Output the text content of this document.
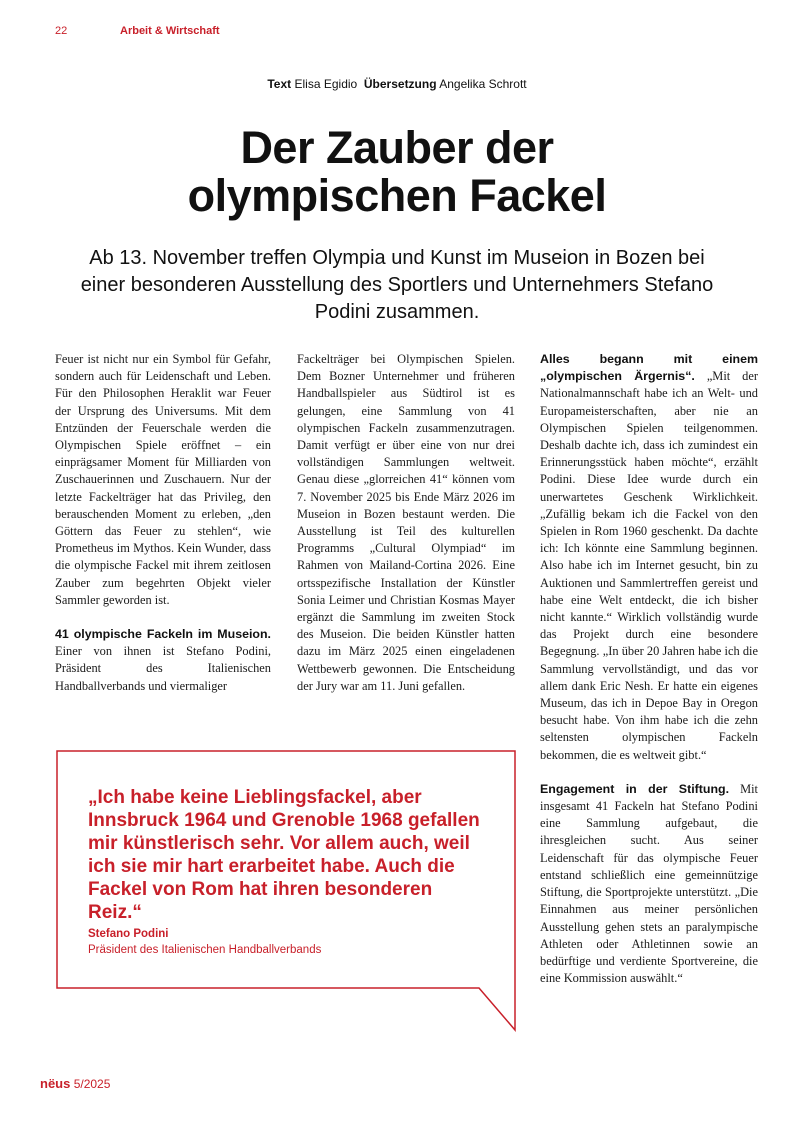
22	Arbeit & Wirtschaft
Text Elisa Egidio Übersetzung Angelika Schrott
Der Zauber der
olympischen Fackel

Ab 13. November treffen Olympia und Kunst im Museion in Bozen bei einer besonderen Ausstellung des Sportlers und Unternehmers Stefano Podini zusammen.

Feuer ist nicht nur ein Symbol für Gefahr, sondern auch für Leidenschaft und Leben. Für den Philosophen Heraklit war Feuer der Ursprung des Universums. Mit dem Entzünden der Feuerschale werden die Olympischen Spiele eröffnet – ein einprägsamer Moment für Milliarden von Zuschauerinnen und Zuschauern. Nur der letzte Fackelträger hat das Privileg, den berauschenden Moment zu erleben, „den Göttern das Feuer zu stehlen“, wie Prometheus im Mythos. Kein Wunder, dass die olympische Fackel mit ihrem zeitlosen Zauber zum begehrten Objekt vieler Sammler geworden ist.

41 olympische Fackeln im Museion. Einer von ihnen ist Stefano Podini, Präsident des Italienischen Handballverbands und viermaliger

Fackelträger bei Olympischen Spielen. Dem Bozner Unternehmer und früheren Handballspieler aus Südtirol ist es gelungen, eine Sammlung von 41 olympischen Fackeln zusammenzutragen. Damit verfügt er über eine von nur drei vollständigen Sammlungen weltweit. Genau diese „glorreichen 41“ können vom 7. November 2025 bis Ende März 2026 im Museion in Bozen bestaunt werden. Die Ausstellung ist Teil des kulturellen Programms „Cultural Olympiad“ im Rahmen von Mailand-Cortina 2026. Eine ortsspezifische Installation der Künstler Sonia Leimer und Christian Kosmas Mayer ergänzt die Sammlung im zweiten Stock des Museion. Die beiden Künstler hatten dazu im März 2025 einen eingeladenen Wettbewerb gewonnen. Die Entscheidung der Jury war am 11. Juni gefallen.

Alles begann mit einem „olympischen Ärgernis“. „Mit der Nationalmannschaft habe ich an Welt- und Europameisterschaften, aber nie an Olympischen Spielen teilgenommen. Deshalb dachte ich, dass ich zumindest ein Erinnerungsstück haben möchte“, erzählt Podini. Diese Idee wurde durch ein unerwartetes Geschenk Wirklichkeit. „Zufällig bekam ich die Fackel von den Spielen in Rom 1960 geschenkt. Da dachte ich: Ich könnte eine Sammlung beginnen. Also habe ich im Internet gesucht, bin zu Auktionen und Sammlertreffen gereist und habe eine Welt entdeckt, die ich bisher nicht kannte.“ Wirklich vollständig wurde das Projekt durch eine besondere Begegnung. „In über 20 Jahren habe ich die Sammlung vervollständigt, und das vor allem dank Eric Nesh. Er hatte ein eigenes Museum, das ich in Depoe Bay in Oregon besucht habe. Von ihm habe ich die zehn seltensten olympischen Fackeln bekommen, die es weltweit gibt.“

Engagement in der Stiftung. Mit insgesamt 41 Fackeln hat Stefano Podini eine Sammlung aufgebaut, die ihresgleichen sucht. Aus seiner Leidenschaft für das olympische Feuer entstand schließlich eine gemeinnützige Stiftung, die Sportprojekte unterstützt. „Die Einnahmen aus meiner persönlichen Ausstellung gehen stets an paralympische Athleten oder Athletinnen sowie an bedürftige und verdiente Sportvereine, die eine Kommission auswählt.“

„Ich habe keine Lieblingsfackel, aber Innsbruck 1964 und Grenoble 1968 gefallen mir künstlerisch sehr. Vor allem auch, weil ich sie mir hart erarbeitet habe. Auch die Fackel von Rom hat ihren besonderen Reiz.“

Stefano Podini
Präsident des Italienischen Handballverbands
nëus 5/2025
